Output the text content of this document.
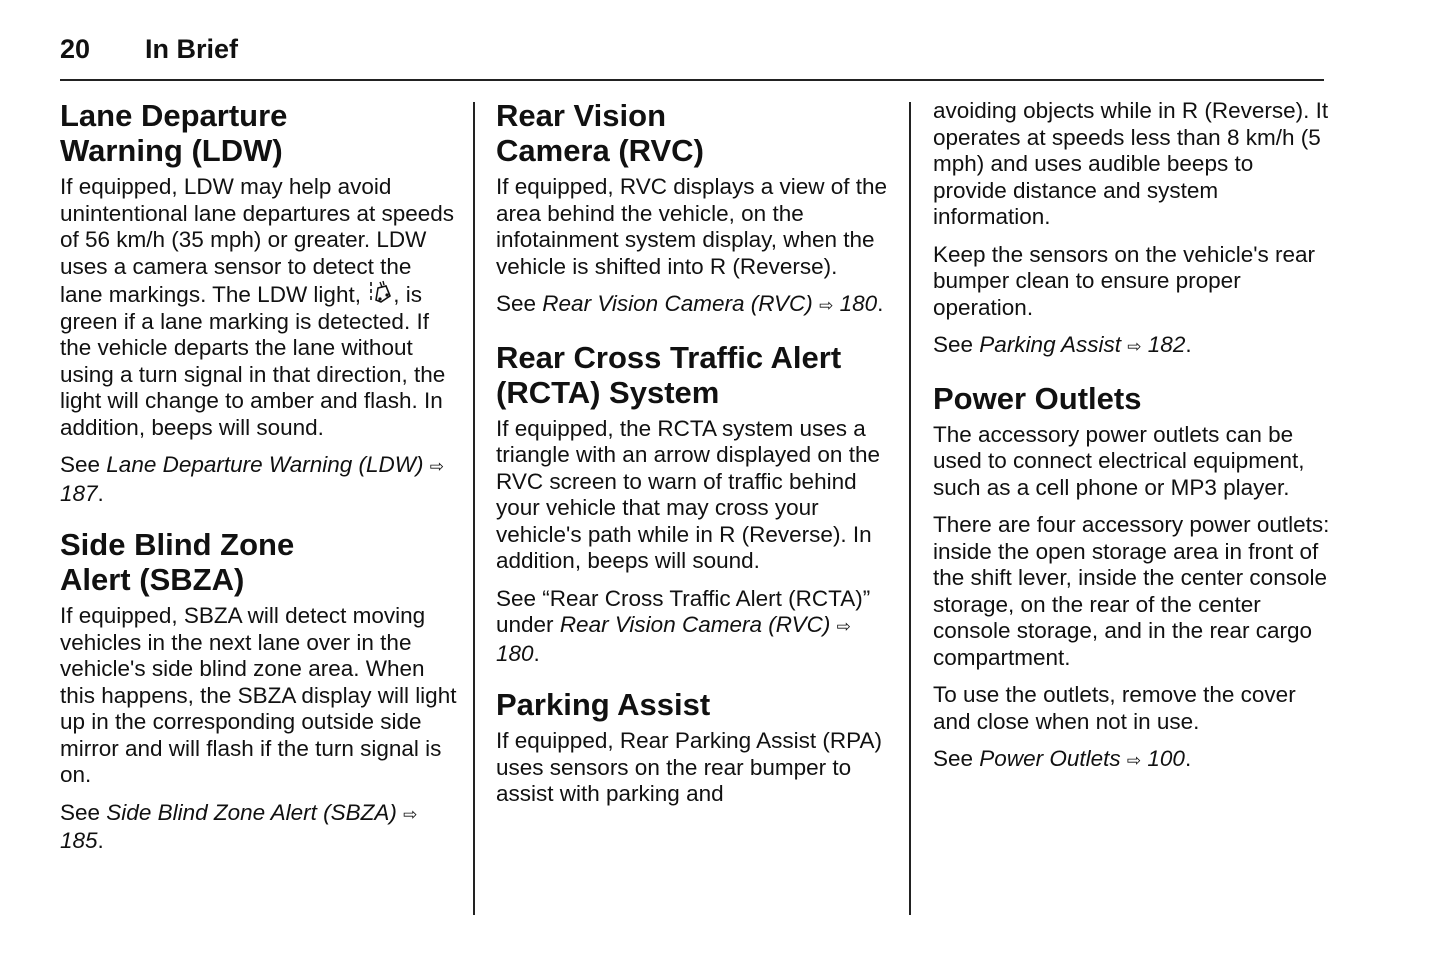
20 In Brief
Lane Departure
Warning (LDW)

If equipped, LDW may help avoid unintentional lane departures at speeds of 56 km/h (35 mph) or greater. LDW uses a camera sensor to detect the lane markings. The LDW light, , is green if a lane marking is detected. If the vehicle departs the lane without using a turn signal in that direction, the light will change to amber and flash. In addition, beeps will sound.

See Lane Departure Warning (LDW) ⇨ 187.

Side Blind Zone
Alert (SBZA)

If equipped, SBZA will detect moving vehicles in the next lane over in the vehicle's side blind zone area. When this happens, the SBZA display will light up in the corresponding outside side mirror and will flash if the turn signal is on.

See Side Blind Zone Alert (SBZA) ⇨ 185.

Rear Vision
Camera (RVC)

If equipped, RVC displays a view of the area behind the vehicle, on the infotainment system display, when the vehicle is shifted into R (Reverse).

See Rear Vision Camera (RVC) ⇨ 180.

Rear Cross Traffic Alert
(RCTA) System

If equipped, the RCTA system uses a triangle with an arrow displayed on the RVC screen to warn of traffic behind your vehicle that may cross your vehicle's path while in R (Reverse). In addition, beeps will sound.

See “Rear Cross Traffic Alert (RCTA)” under Rear Vision Camera (RVC) ⇨ 180.

Parking Assist

If equipped, Rear Parking Assist (RPA) uses sensors on the rear bumper to assist with parking and

avoiding objects while in R (Reverse). It operates at speeds less than 8 km/h (5 mph) and uses audible beeps to provide distance and system information.

Keep the sensors on the vehicle's rear bumper clean to ensure proper operation.

See Parking Assist ⇨ 182.

Power Outlets

The accessory power outlets can be used to connect electrical equipment, such as a cell phone or MP3 player.

There are four accessory power outlets: inside the open storage area in front of the shift lever, inside the center console storage, on the rear of the center console storage, and in the rear cargo compartment.

To use the outlets, remove the cover and close when not in use.

See Power Outlets ⇨ 100.
